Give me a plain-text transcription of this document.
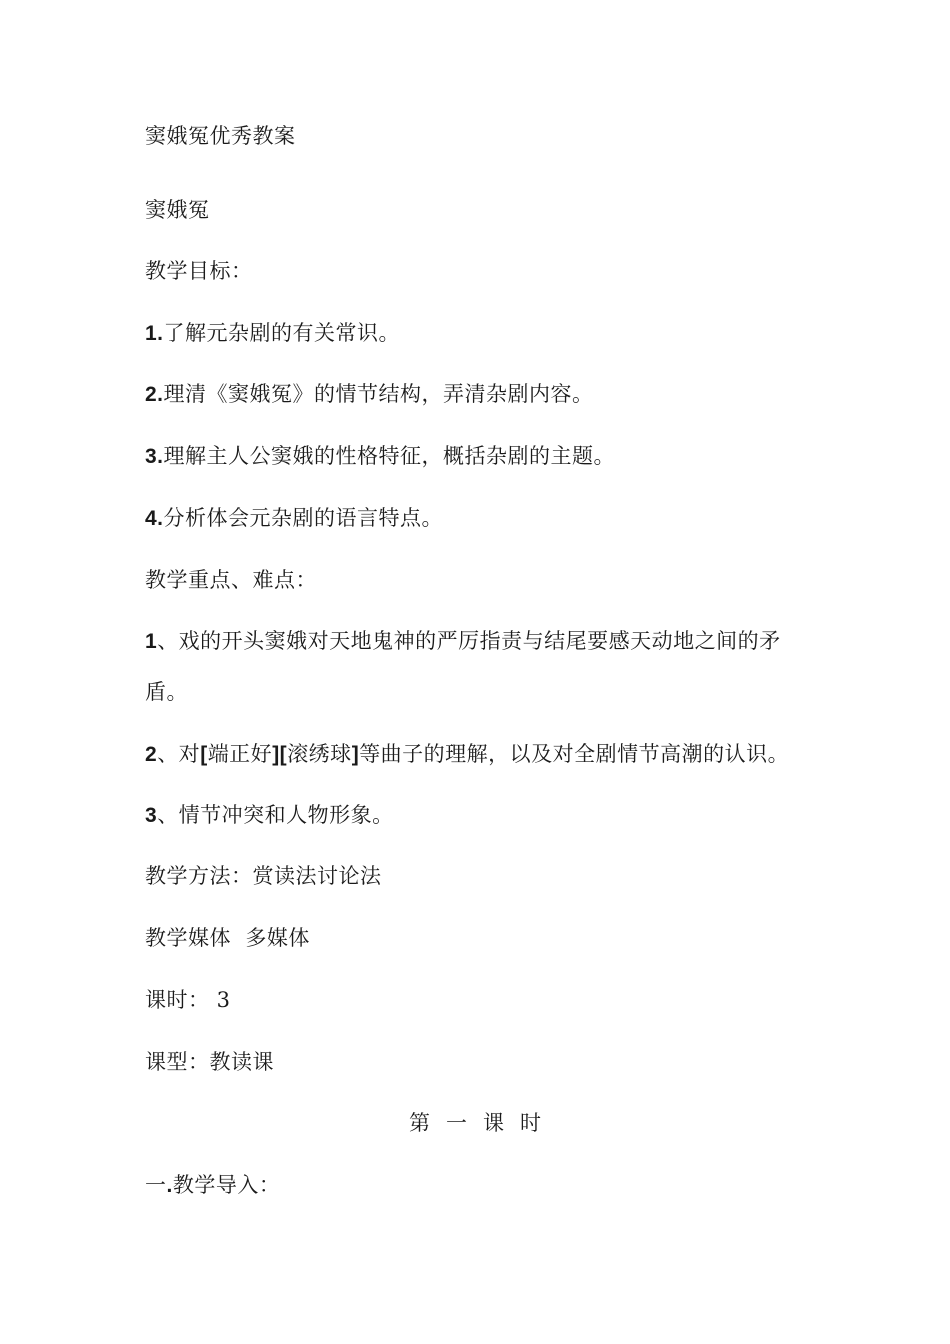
窦娥冤优秀教案
窦娥冤
教学目标：
1.了解元杂剧的有关常识。
2.理清《窦娥冤》的情节结构，弄清杂剧内容。
3.理解主人公窦娥的性格特征，概括杂剧的主题。
4.分析体会元杂剧的语言特点。
教学重点、难点：
1、戏的开头窦娥对天地鬼神的严厉指责与结尾要感天动地之间的矛
盾。
2、对[端正好][滚绣球]等曲子的理解，以及对全剧情节高潮的认识。
3、情节冲突和人物形象。
教学方法：赏读法讨论法
教学媒体  多媒体
课时： 3
课型：教读课
第 一 课 时
一.教学导入：
